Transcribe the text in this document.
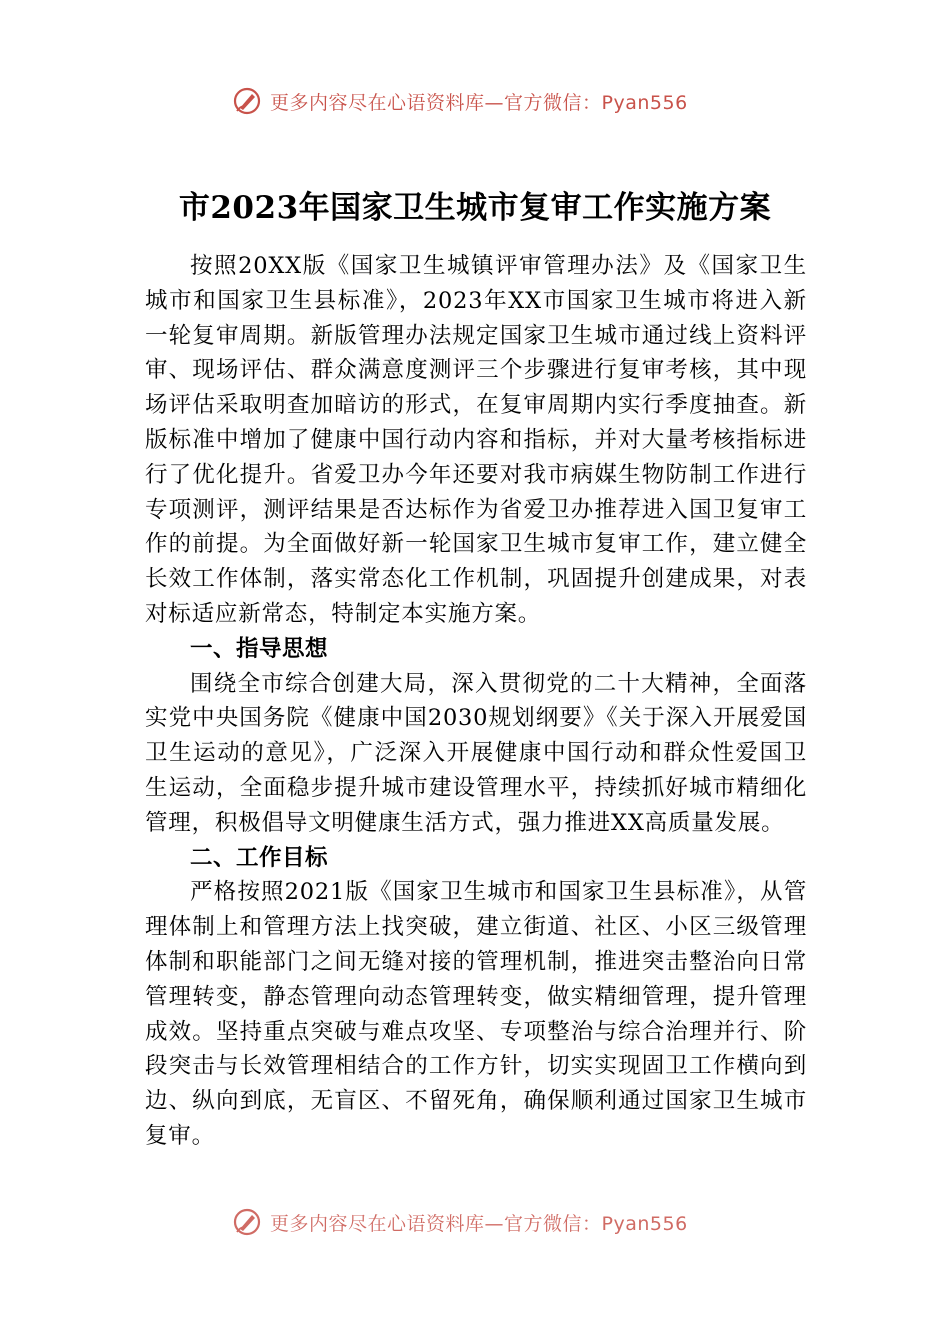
更多内容尽在心语资料库—官方微信：Pyan556
市2023年国家卫生城市复审工作实施方案

按照20XX版《国家卫生城镇评审管理办法》及《国家卫生城市和国家卫生县标准》，2023年XX市国家卫生城市将进入新一轮复审周期。新版管理办法规定国家卫生城市通过线上资料评审、现场评估、群众满意度测评三个步骤进行复审考核，其中现场评估采取明查加暗访的形式，在复审周期内实行季度抽查。新版标准中增加了健康中国行动内容和指标，并对大量考核指标进行了优化提升。省爱卫办今年还要对我市病媒生物防制工作进行专项测评，测评结果是否达标作为省爱卫办推荐进入国卫复审工作的前提。为全面做好新一轮国家卫生城市复审工作，建立健全长效工作体制，落实常态化工作机制，巩固提升创建成果，对表对标适应新常态，特制定本实施方案。

一、指导思想

围绕全市综合创建大局，深入贯彻党的二十大精神，全面落实党中央国务院《健康中国2030规划纲要》《关于深入开展爱国卫生运动的意见》，广泛深入开展健康中国行动和群众性爱国卫生运动，全面稳步提升城市建设管理水平，持续抓好城市精细化管理，积极倡导文明健康生活方式，强力推进XX高质量发展。

二、工作目标

严格按照2021版《国家卫生城市和国家卫生县标准》，从管理体制上和管理方法上找突破，建立街道、社区、小区三级管理体制和职能部门之间无缝对接的管理机制，推进突击整治向日常管理转变，静态管理向动态管理转变，做实精细管理，提升管理成效。坚持重点突破与难点攻坚、专项整治与综合治理并行、阶段突击与长效管理相结合的工作方针，切实实现固卫工作横向到边、纵向到底，无盲区、不留死角，确保顺利通过国家卫生城市复审。

更多内容尽在心语资料库—官方微信：Pyan556
